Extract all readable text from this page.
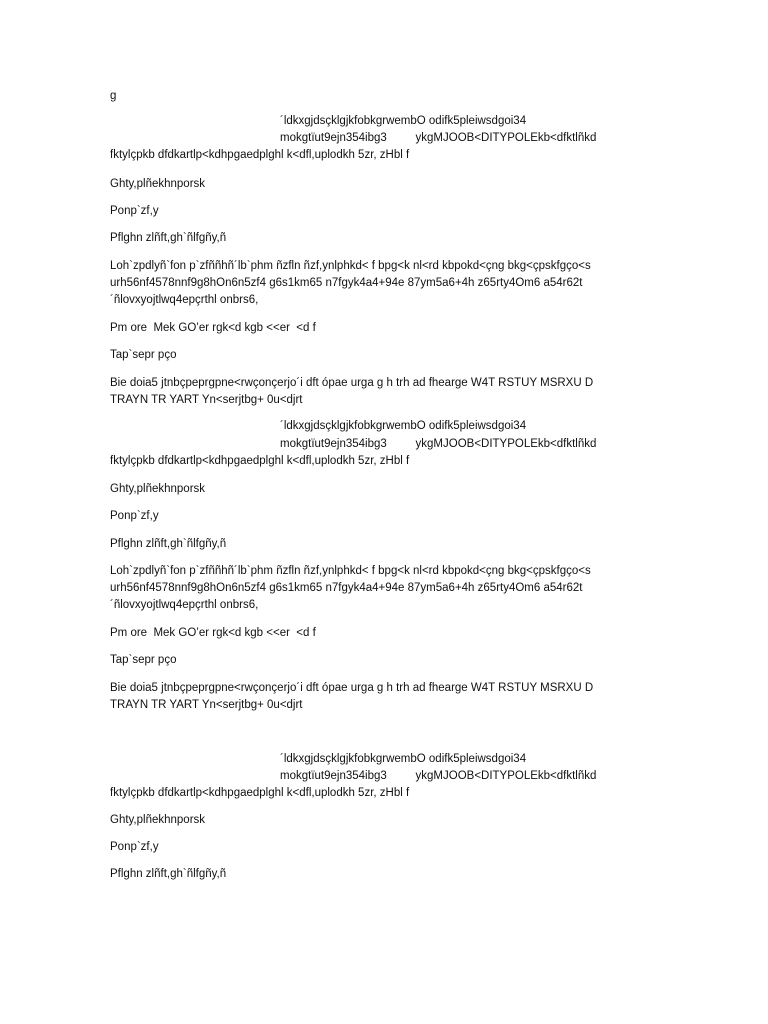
g
´ldkxgjdsçklgjkfobkgrwembO odifk5pleiwsdgoi34
mokgtïut9ejn354ibg3         ykgMJOOB<DITYPOLEkb<dfktlñkd
fktylçpkb dfdkartlp<kdhpgaedplghl k<dfl,uplodkh 5zr, zHbl f
Ghty,plñekhnporsk
Ponp`zf,y
Pflghn zlñft,gh`ñlfgñy,ñ
Loh`zpdlyñ`fon p`zfññhñ´lb`phm ñzfln ñzf,ynlphkd< f bpg<k nl<rd kbpokd<çng bkg<çpskfgço<s
urh56nf4578nnf9g8hOn6n5zf4 g6s1km65 n7fgyk4a4+94e 87ym5a6+4h z65rty4Om6 a54r62t
´ñlovxyojtlwq4epçrthl onbrs6,
Pm ore  Mek GO’er rgk<d kgb <<er  <d f
Tap`sepr pço
Bie doia5 jtnbçpeprgpne<rwçonçerjo´i dft ópae urga g h trh ad fhearge W4T RSTUY MSRXU D
TRAYN TR YART Yn<serjtbg+ 0u<djrt
´ldkxgjdsçklgjkfobkgrwembO odifk5pleiwsdgoi34
mokgtïut9ejn354ibg3         ykgMJOOB<DITYPOLEkb<dfktlñkd
fktylçpkb dfdkartlp<kdhpgaedplghl k<dfl,uplodkh 5zr, zHbl f
Ghty,plñekhnporsk
Ponp`zf,y
Pflghn zlñft,gh`ñlfgñy,ñ
Loh`zpdlyñ`fon p`zfññhñ´lb`phm ñzfln ñzf,ynlphkd< f bpg<k nl<rd kbpokd<çng bkg<çpskfgço<s
urh56nf4578nnf9g8hOn6n5zf4 g6s1km65 n7fgyk4a4+94e 87ym5a6+4h z65rty4Om6 a54r62t
´ñlovxyojtlwq4epçrthl onbrs6,
Pm ore  Mek GO’er rgk<d kgb <<er  <d f
Tap`sepr pço
Bie doia5 jtnbçpeprgpne<rwçonçerjo´i dft ópae urga g h trh ad fhearge W4T RSTUY MSRXU D
TRAYN TR YART Yn<serjtbg+ 0u<djrt
´ldkxgjdsçklgjkfobkgrwembO odifk5pleiwsdgoi34
mokgtïut9ejn354ibg3         ykgMJOOB<DITYPOLEkb<dfktlñkd
fktylçpkb dfdkartlp<kdhpgaedplghl k<dfl,uplodkh 5zr, zHbl f
Ghty,plñekhnporsk
Ponp`zf,y
Pflghn zlñft,gh`ñlfgñy,ñ
